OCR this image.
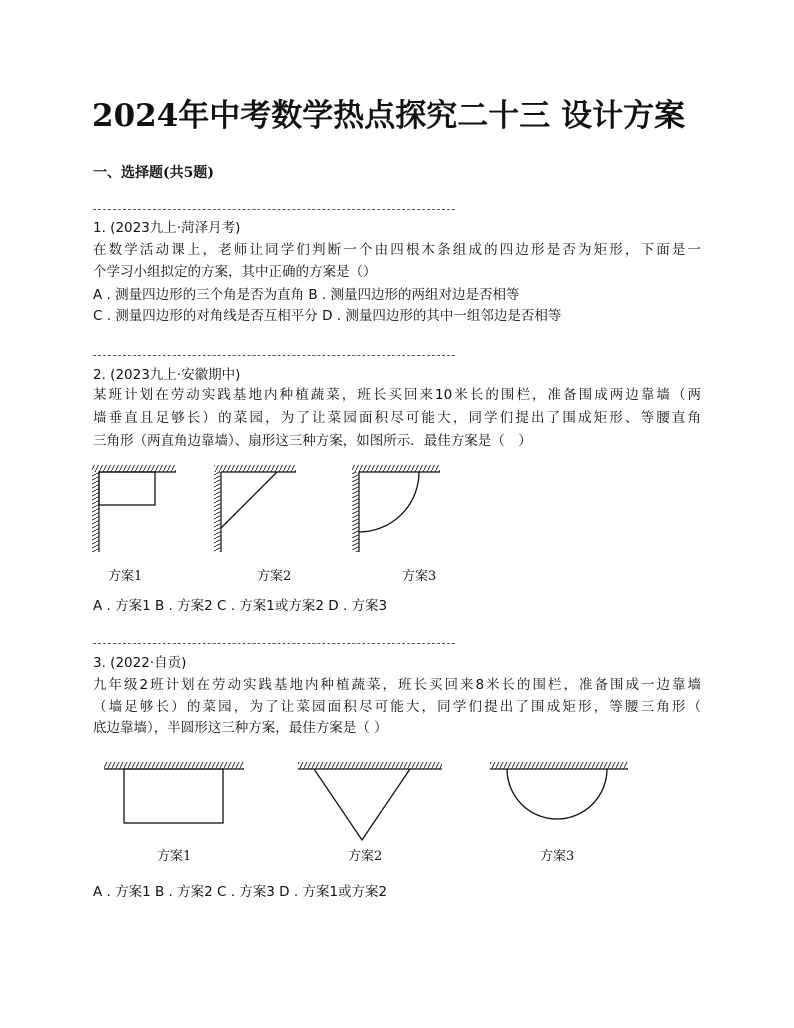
2024年中考数学热点探究二十三 设计方案
一、选择题(共5题)
1. (2023九上·菏泽月考)
在数学活动课上，老师让同学们判断一个由四根木条组成的四边形是否为矩形，下面是一
个学习小组拟定的方案，其中正确的方案是（）
A . 测量四边形的三个角是否为直角 B . 测量四边形的两组对边是否相等
C . 测量四边形的对角线是否互相平分 D . 测量四边形的其中一组邻边是否相等
2. (2023九上·安徽期中)
某班计划在劳动实践基地内种植蔬菜，班长买回来10米长的围栏，准备围成两边靠墙（两
墙垂直且足够长）的菜园，为了让菜园面积尽可能大，同学们提出了围成矩形、等腰直角
三角形（两直角边靠墙）、扇形这三种方案，如图所示．最佳方案是（　）
方案1	方案2	方案3
A . 方案1 B . 方案2 C . 方案1或方案2 D . 方案3
3. (2022·自贡)
九年级2班计划在劳动实践基地内种植蔬菜，班长买回来8米长的围栏，准备围成一边靠墙
（墙足够长）的菜园，为了让菜园面积尽可能大，同学们提出了围成矩形，等腰三角形（
底边靠墙），半圆形这三种方案，最佳方案是（ ）
方案1	方案2	方案3
A . 方案1 B . 方案2 C . 方案3 D . 方案1或方案2
